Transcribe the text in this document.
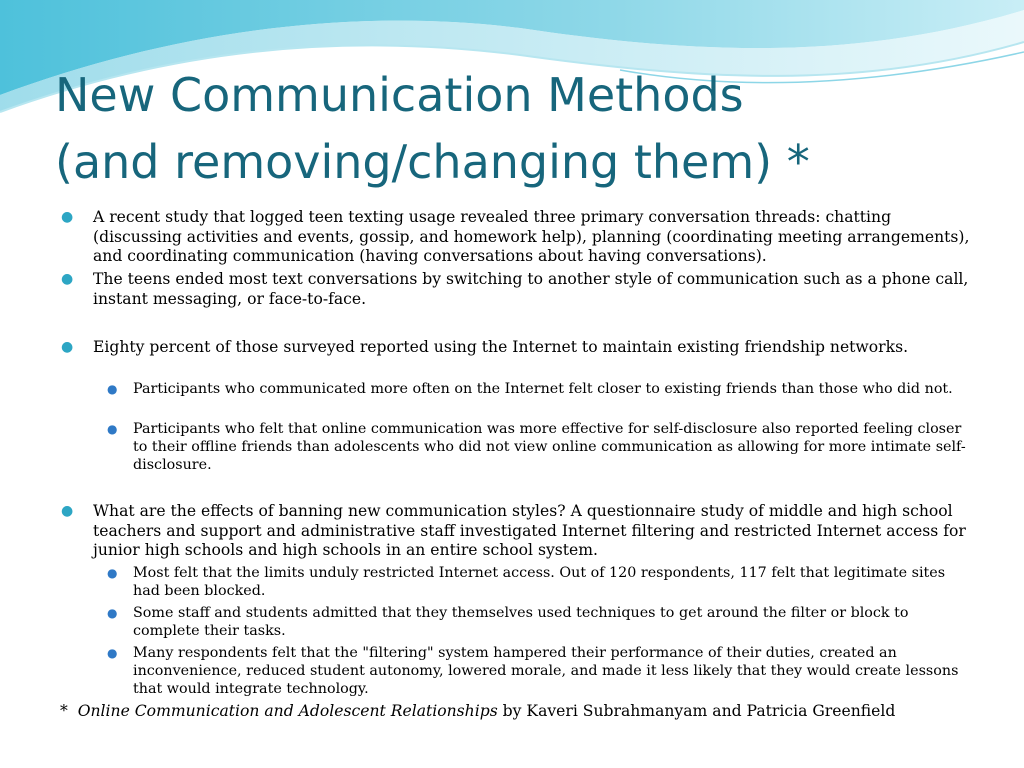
New Communication Methods
(and removing/changing them) *
● A recent study that logged teen texting usage revealed three primary conversation threads: chatting (discussing activities and events, gossip, and homework help), planning (coordinating meeting arrangements), and coordinating communication (having conversations about having conversations).
● The teens ended most text conversations by switching to another style of communication such as a phone call, instant messaging, or face-to-face.
● Eighty percent of those surveyed reported using the Internet to maintain existing friendship networks.
● Participants who communicated more often on the Internet felt closer to existing friends than those who did not.
● Participants who felt that online communication was more effective for self-disclosure also reported feeling closer to their offline friends than adolescents who did not view online communication as allowing for more intimate self-disclosure.
● What are the effects of banning new communication styles? A questionnaire study of middle and high school teachers and support and administrative staff investigated Internet filtering and restricted Internet access for junior high schools and high schools in an entire school system.
● Most felt that the limits unduly restricted Internet access. Out of 120 respondents, 117 felt that legitimate sites had been blocked.
● Some staff and students admitted that they themselves used techniques to get around the filter or block to complete their tasks.
● Many respondents felt that the "filtering" system hampered their performance of their duties, created an inconvenience, reduced student autonomy, lowered morale, and made it less likely that they would create lessons that would integrate technology.
* Online Communication and Adolescent Relationships by Kaveri Subrahmanyam and Patricia Greenfield
